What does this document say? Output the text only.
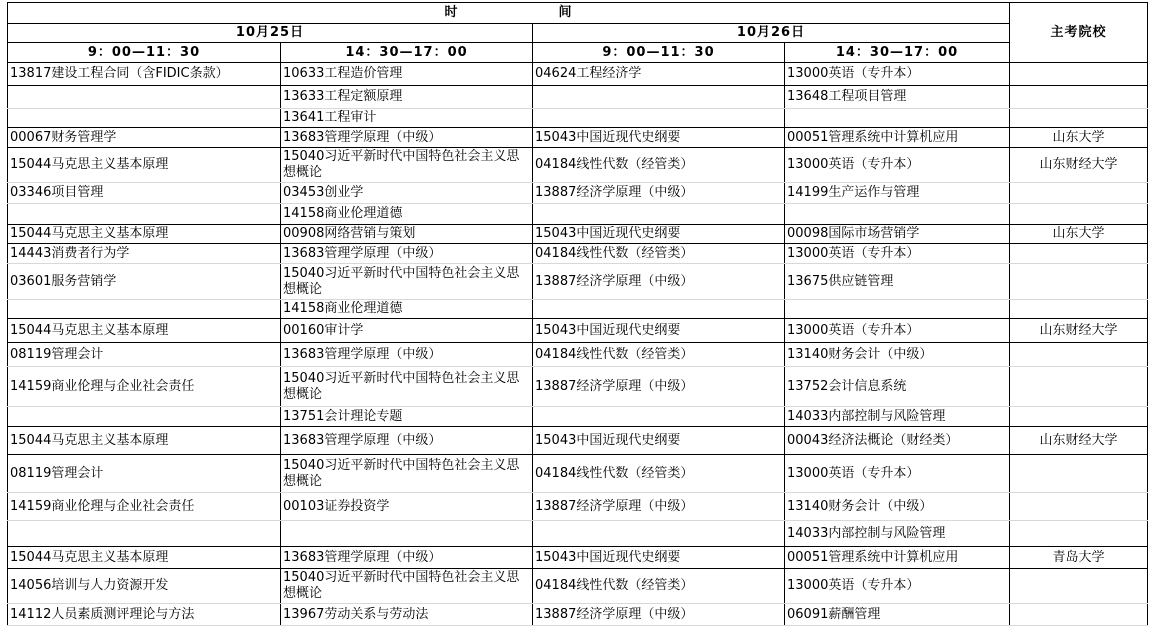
时 间				主考院校
10月25日		10月26日		
9：00—11：30	14：30—17：00	9：00—11：30	14：30—17：00	
13817建设工程合同（含FIDIC条款）	10633工程造价管理	04624工程经济学	13000英语（专升本）	
	13633工程定额原理		13648工程项目管理	
	13641工程审计			
00067财务管理学	13683管理学原理（中级）	15043中国近现代史纲要	00051管理系统中计算机应用	山东大学
15044马克思主义基本原理	15040习近平新时代中国特色社会主义思想概论	04184线性代数（经管类）	13000英语（专升本）	山东财经大学
03346项目管理	03453创业学	13887经济学原理（中级）	14199生产运作与管理	
	14158商业伦理道德			
15044马克思主义基本原理	00908网络营销与策划	15043中国近现代史纲要	00098国际市场营销学	山东大学
14443消费者行为学	13683管理学原理（中级）	04184线性代数（经管类）	13000英语（专升本）	
03601服务营销学	15040习近平新时代中国特色社会主义思想概论	13887经济学原理（中级）	13675供应链管理	
	14158商业伦理道德			
15044马克思主义基本原理	00160审计学	15043中国近现代史纲要	13000英语（专升本）	山东财经大学
08119管理会计	13683管理学原理（中级）	04184线性代数（经管类）	13140财务会计（中级）	
14159商业伦理与企业社会责任	15040习近平新时代中国特色社会主义思想概论	13887经济学原理（中级）	13752会计信息系统	
	13751会计理论专题		14033内部控制与风险管理	
15044马克思主义基本原理	13683管理学原理（中级）	15043中国近现代史纲要	00043经济法概论（财经类）	山东财经大学
08119管理会计	15040习近平新时代中国特色社会主义思想概论	04184线性代数（经管类）	13000英语（专升本）	
14159商业伦理与企业社会责任	00103证券投资学	13887经济学原理（中级）	13140财务会计（中级）	
			14033内部控制与风险管理	
15044马克思主义基本原理	13683管理学原理（中级）	15043中国近现代史纲要	00051管理系统中计算机应用	青岛大学
14056培训与人力资源开发	15040习近平新时代中国特色社会主义思想概论	04184线性代数（经管类）	13000英语（专升本）	
14112人员素质测评理论与方法	13967劳动关系与劳动法	13887经济学原理（中级）	06091薪酬管理	
